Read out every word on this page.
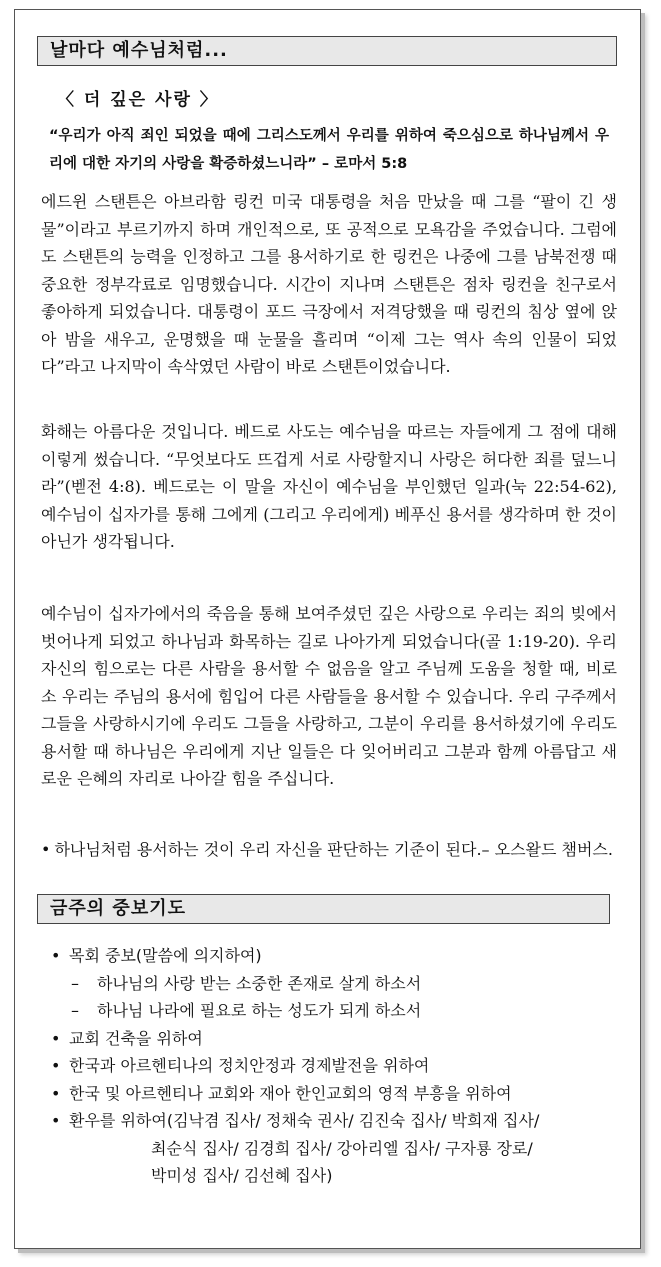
날마다 예수님처럼...
〈 더 깊은 사랑 〉
“우리가 아직 죄인 되었을 때에 그리스도께서 우리를 위하여 죽으심으로 하나님께서 우리에 대한 자기의 사랑을 확증하셨느니라” – 로마서 5:8
에드윈 스탠튼은 아브라함 링컨 미국 대통령을 처음 만났을 때 그를 “팔이 긴 생물”이라고 부르기까지 하며 개인적으로, 또 공적으로 모욕감을 주었습니다. 그럼에도 스탠튼의 능력을 인정하고 그를 용서하기로 한 링컨은 나중에 그를 남북전쟁 때 중요한 정부각료로 임명했습니다. 시간이 지나며 스탠튼은 점차 링컨을 친구로서 좋아하게 되었습니다. 대통령이 포드 극장에서 저격당했을 때 링컨의 침상 옆에 앉아 밤을 새우고, 운명했을 때 눈물을 흘리며 “이제 그는 역사 속의 인물이 되었다”라고 나지막이 속삭였던 사람이 바로 스탠튼이었습니다.
화해는 아름다운 것입니다. 베드로 사도는 예수님을 따르는 자들에게 그 점에 대해 이렇게 썼습니다. “무엇보다도 뜨겁게 서로 사랑할지니 사랑은 허다한 죄를 덮느니라”(벧전 4:8). 베드로는 이 말을 자신이 예수님을 부인했던 일과(눅 22:54-62), 예수님이 십자가를 통해 그에게 (그리고 우리에게) 베푸신 용서를 생각하며 한 것이 아닌가 생각됩니다.
예수님이 십자가에서의 죽음을 통해 보여주셨던 깊은 사랑으로 우리는 죄의 빚에서 벗어나게 되었고 하나님과 화목하는 길로 나아가게 되었습니다(골 1:19-20). 우리 자신의 힘으로는 다른 사람을 용서할 수 없음을 알고 주님께 도움을 청할 때, 비로소 우리는 주님의 용서에 힘입어 다른 사람들을 용서할 수 있습니다. 우리 구주께서 그들을 사랑하시기에 우리도 그들을 사랑하고, 그분이 우리를 용서하셨기에 우리도 용서할 때 하나님은 우리에게 지난 일들은 다 잊어버리고 그분과 함께 아름답고 새로운 은혜의 자리로 나아갈 힘을 주십니다.
• 하나님처럼 용서하는 것이 우리 자신을 판단하는 기준이 된다.– 오스왈드 챔버스.
금주의 중보기도
• 목회 중보(말씀에 의지하여)
– 하나님의 사랑 받는 소중한 존재로 살게 하소서
– 하나님 나라에 필요로 하는 성도가 되게 하소서
• 교회 건축을 위하여
• 한국과 아르헨티나의 정치안정과 경제발전을 위하여
• 한국 및 아르헨티나 교회와 재아 한인교회의 영적 부흥을 위하여
• 환우를 위하여(김낙겸 집사/ 정채숙 권사/ 김진숙 집사/ 박희재 집사/
최순식 집사/ 김경희 집사/ 강아리엘 집사/ 구자룡 장로/
박미성 집사/ 김선혜 집사)
